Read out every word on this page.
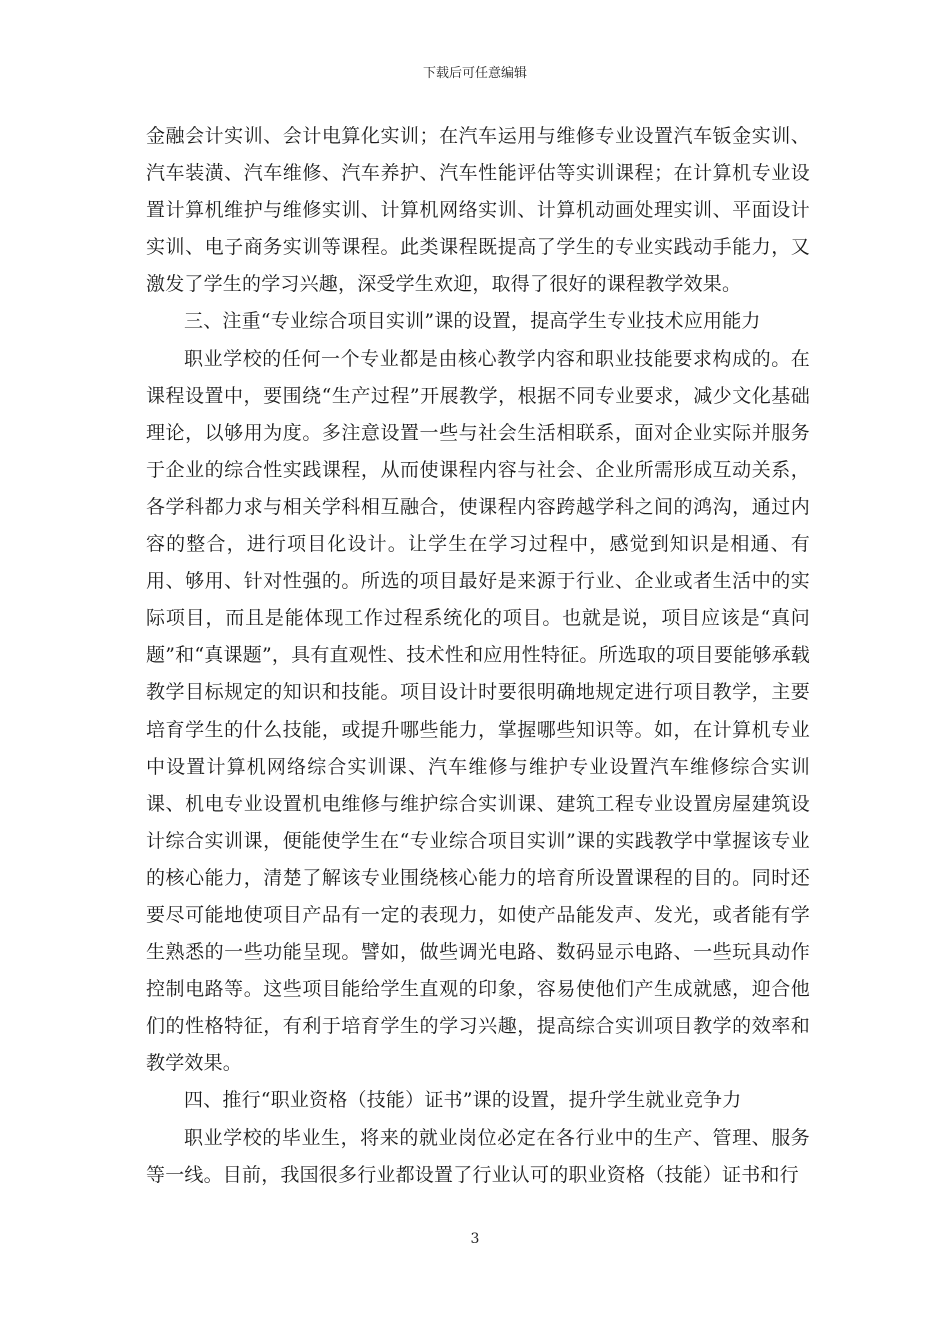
下载后可任意编辑

金融会计实训、会计电算化实训；在汽车运用与维修专业设置汽车钣金实训、汽车装潢、汽车维修、汽车养护、汽车性能评估等实训课程；在计算机专业设置计算机维护与维修实训、计算机网络实训、计算机动画处理实训、平面设计实训、电子商务实训等课程。此类课程既提高了学生的专业实践动手能力，又激发了学生的学习兴趣，深受学生欢迎，取得了很好的课程教学效果。

三、注重“专业综合项目实训”课的设置，提高学生专业技术应用能力

职业学校的任何一个专业都是由核心教学内容和职业技能要求构成的。在课程设置中，要围绕“生产过程”开展教学，根据不同专业要求，减少文化基础理论，以够用为度。多注意设置一些与社会生活相联系，面对企业实际并服务于企业的综合性实践课程，从而使课程内容与社会、企业所需形成互动关系，各学科都力求与相关学科相互融合，使课程内容跨越学科之间的鸿沟，通过内容的整合，进行项目化设计。让学生在学习过程中，感觉到知识是相通、有用、够用、针对性强的。所选的项目最好是来源于行业、企业或者生活中的实际项目，而且是能体现工作过程系统化的项目。也就是说，项目应该是“真问题”和“真课题”，具有直观性、技术性和应用性特征。所选取的项目要能够承载教学目标规定的知识和技能。项目设计时要很明确地规定进行项目教学，主要培育学生的什么技能，或提升哪些能力，掌握哪些知识等。如，在计算机专业中设置计算机网络综合实训课、汽车维修与维护专业设置汽车维修综合实训课、机电专业设置机电维修与维护综合实训课、建筑工程专业设置房屋建筑设计综合实训课，便能使学生在“专业综合项目实训”课的实践教学中掌握该专业的核心能力，清楚了解该专业围绕核心能力的培育所设置课程的目的。同时还要尽可能地使项目产品有一定的表现力，如使产品能发声、发光，或者能有学生熟悉的一些功能呈现。譬如，做些调光电路、数码显示电路、一些玩具动作控制电路等。这些项目能给学生直观的印象，容易使他们产生成就感，迎合他们的性格特征，有利于培育学生的学习兴趣，提高综合实训项目教学的效率和教学效果。

四、推行“职业资格（技能）证书”课的设置，提升学生就业竞争力

职业学校的毕业生，将来的就业岗位必定在各行业中的生产、管理、服务等一线。目前，我国很多行业都设置了行业认可的职业资格（技能）证书和行

3
